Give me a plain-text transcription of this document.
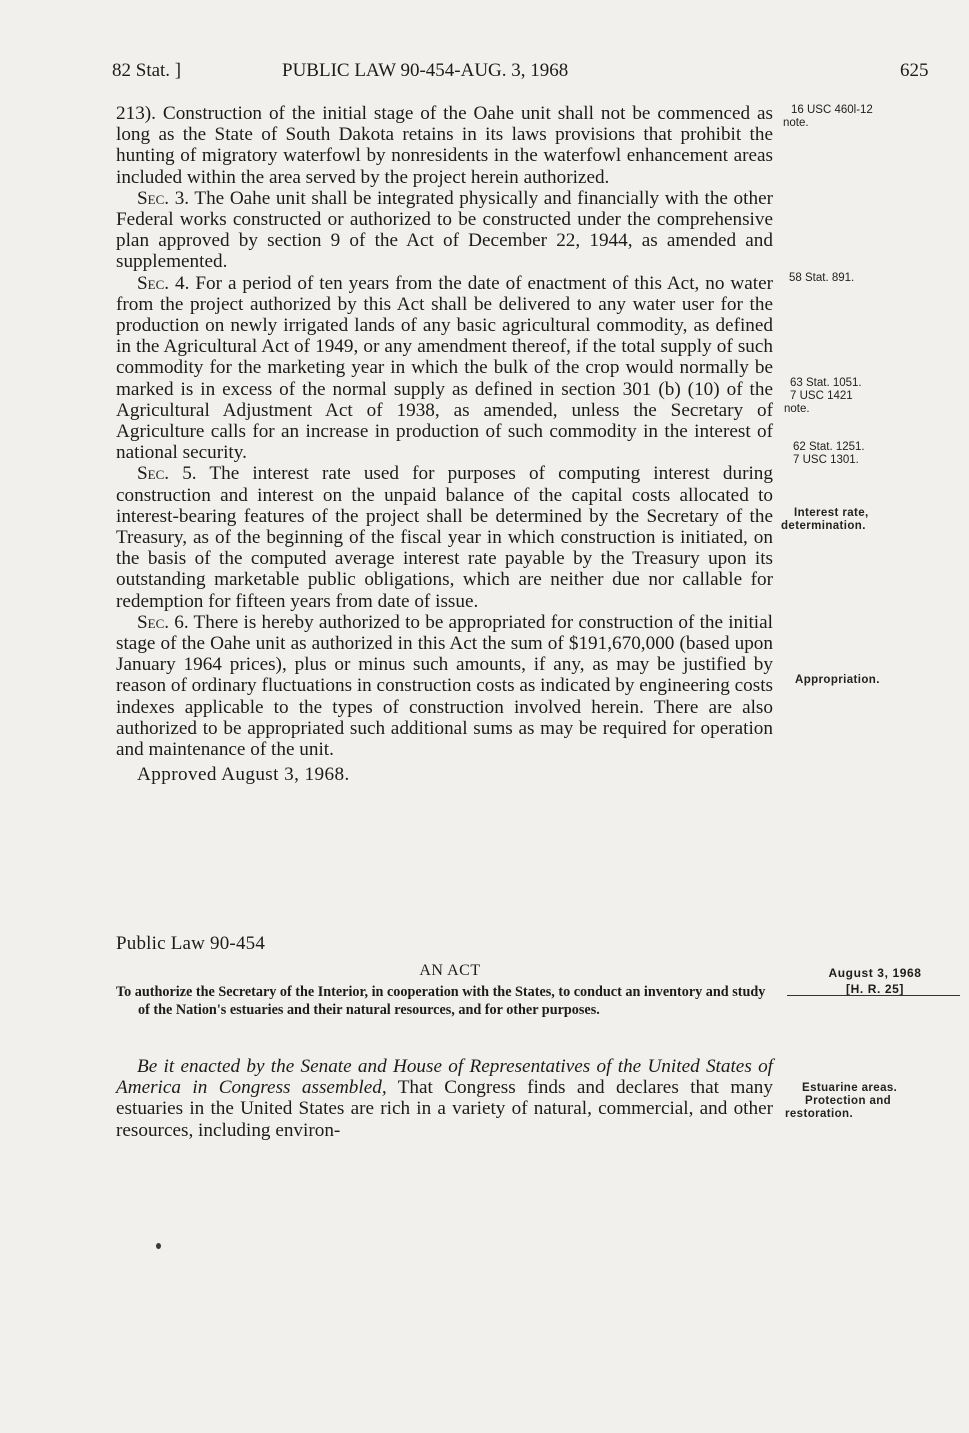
82 Stat. ]	PUBLIC LAW 90-454-AUG. 3, 1968	625

213). Construction of the initial stage of the Oahe unit shall not be commenced as long as the State of South Dakota retains in its laws provisions that prohibit the hunting of migratory waterfowl by nonresidents in the waterfowl enhancement areas included within the area served by the project herein authorized.

Sec. 3. The Oahe unit shall be integrated physically and financially with the other Federal works constructed or authorized to be constructed under the comprehensive plan approved by section 9 of the Act of December 22, 1944, as amended and supplemented.

Sec. 4. For a period of ten years from the date of enactment of this Act, no water from the project authorized by this Act shall be delivered to any water user for the production on newly irrigated lands of any basic agricultural commodity, as defined in the Agricultural Act of 1949, or any amendment thereof, if the total supply of such commodity for the marketing year in which the bulk of the crop would normally be marked is in excess of the normal supply as defined in section 301 (b) (10) of the Agricultural Adjustment Act of 1938, as amended, unless the Secretary of Agriculture calls for an increase in production of such commodity in the interest of national security.

Sec. 5. The interest rate used for purposes of computing interest during construction and interest on the unpaid balance of the capital costs allocated to interest-bearing features of the project shall be determined by the Secretary of the Treasury, as of the beginning of the fiscal year in which construction is initiated, on the basis of the computed average interest rate payable by the Treasury upon its outstanding marketable public obligations, which are neither due nor callable for redemption for fifteen years from date of issue.

Sec. 6. There is hereby authorized to be appropriated for construction of the initial stage of the Oahe unit as authorized in this Act the sum of $191,670,000 (based upon January 1964 prices), plus or minus such amounts, if any, as may be justified by reason of ordinary fluctuations in construction costs as indicated by engineering costs indexes applicable to the types of construction involved herein. There are also authorized to be appropriated such additional sums as may be required for operation and maintenance of the unit.

Approved August 3, 1968.

Public Law 90-454
AN ACT

To authorize the Secretary of the Interior, in cooperation with the States, to conduct an inventory and study of the Nation's estuaries and their natural resources, and for other purposes.

Be it enacted by the Senate and House of Representatives of the United States of America in Congress assembled, That Congress finds and declares that many estuaries in the United States are rich in a variety of natural, commercial, and other resources, including environ-

16 USC 460l-12
note.
58 Stat. 891.
63 Stat. 1051.
7 USC 1421
note.
62 Stat. 1251.
7 USC 1301.
Interest rate,
determination.
Appropriation.
Estuarine areas.
Protection and
restoration.
August 3, 1968
[H. R. 25]
